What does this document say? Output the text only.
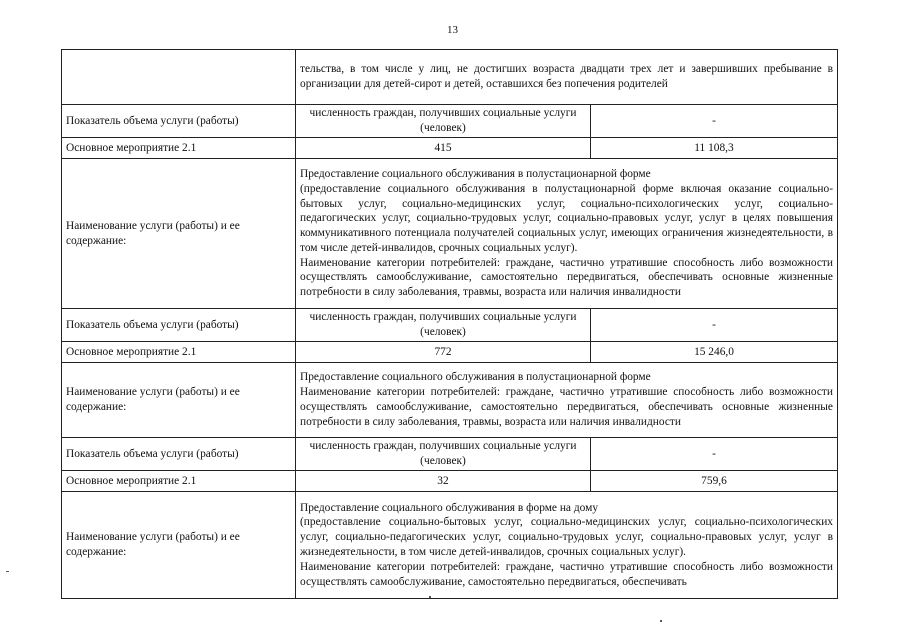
13
	тельства, в том числе у лиц, не достигших возраста двадцати трех лет и завершивших пребывание в организации для детей-сирот и детей, оставшихся без попечения родителей	
Показатель объема услуги (работы)	численность граждан, получивших социальные услуги (человек)	-
Основное мероприятие 2.1	415	11 108,3
Наименование услуги (работы) и ее содержание:	Предоставление социального обслуживания в полустационарной форме
(предоставление социального обслуживания в полустационарной форме включая оказание социально-бытовых услуг, социально-медицинских услуг, социально-психологических услуг, социально-педагогических услуг, социально-трудовых услуг, социально-правовых услуг, услуг в целях повышения коммуникативного потенциала получателей социальных услуг, имеющих ограничения жизнедеятельности, в том числе детей-инвалидов, срочных социальных услуг).
Наименование категории потребителей: граждане, частично утратившие способность либо возможности осуществлять самообслуживание, самостоятельно передвигаться, обеспечивать основные жизненные потребности в силу заболевания, травмы, возраста или наличия инвалидности	

Показатель объема услуги (работы)	численность граждан, получивших социальные услуги (человек)	-
Основное мероприятие 2.1	772	15 246,0
Наименование услуги (работы) и ее содержание:	Предоставление социального обслуживания в полустационарной форме
Наименование категории потребителей: граждане, частично утратившие способность либо возможности осуществлять самообслуживание, самостоятельно передвигаться, обеспечивать основные жизненные потребности в силу заболевания, травмы, возраста или наличия инвалидности	

Показатель объема услуги (работы)	численность граждан, получивших социальные услуги (человек)	-
Основное мероприятие 2.1	32	759,6
Наименование услуги (работы) и ее содержание:	Предоставление социального обслуживания в форме на дому
(предоставление социально-бытовых услуг, социально-медицинских услуг, социально-психологических услуг, социально-педагогических услуг, социально-трудовых услуг, социально-правовых услуг, услуг в жизнедеятельности, в том числе детей-инвалидов, срочных социальных услуг).
Наименование категории потребителей: граждане, частично утратившие способность либо возможности осуществлять самообслуживание, самостоятельно передвигаться, обеспечивать	
